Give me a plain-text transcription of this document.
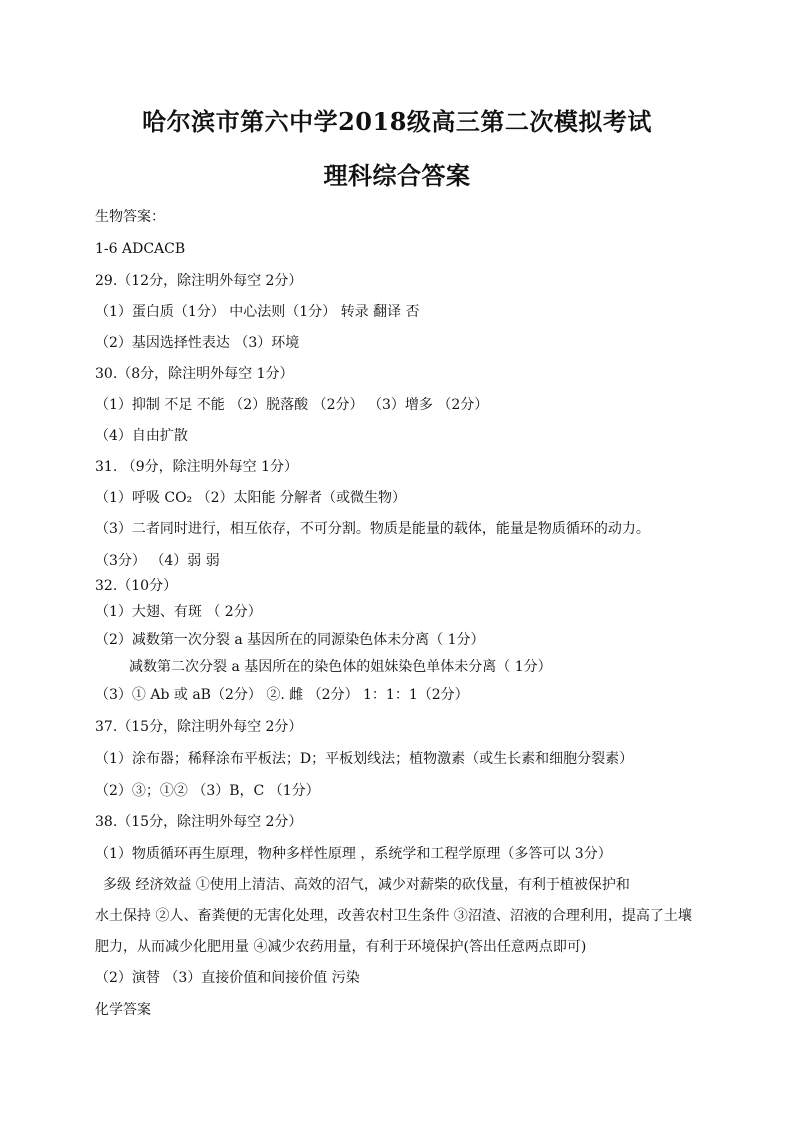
哈尔滨市第六中学2018级高三第二次模拟考试
理科综合答案
生物答案：
1-6 ADCACB
29.（12分，除注明外每空 2分）
（1）蛋白质（1分） 中心法则（1分） 转录 翻译 否
（2）基因选择性表达 （3）环境
30.（8分，除注明外每空 1分）
（1）抑制 不足 不能 （2）脱落酸 （2分） （3）增多 （2分）
（4）自由扩散
31. （9分，除注明外每空 1分）
（1）呼吸 CO₂ （2）太阳能 分解者（或微生物）
（3）二者同时进行，相互依存，不可分割。物质是能量的载体，能量是物质循环的动力。
（3分） （4）弱 弱
32.（10分）
（1）大翅、有斑 （ 2分）
（2）减数第一次分裂 a 基因所在的同源染色体未分离（ 1分）
减数第二次分裂 a 基因所在的染色体的姐妹染色单体未分离（ 1分）
（3）① Ab 或 aB（2分） ②. 雌 （2分） 1：1：1（2分）
37.（15分，除注明外每空 2分）
（1）涂布器；稀释涂布平板法；D；平板划线法；植物激素（或生长素和细胞分裂素）
（2）③；①② （3）B，C （1分）
38.（15分，除注明外每空 2分）
（1）物质循环再生原理，物种多样性原理 ，系统学和工程学原理（多答可以 3分）
多级 经济效益 ①使用上清洁、高效的沼气，减少对薪柴的砍伐量，有利于植被保护和
水土保持 ②人、畜粪便的无害化处理，改善农村卫生条件 ③沼渣、沼液的合理利用，提高了土壤
肥力，从而减少化肥用量 ④减少农药用量，有利于环境保护(答出任意两点即可)
（2）演替 （3）直接价值和间接价值 污染
化学答案
